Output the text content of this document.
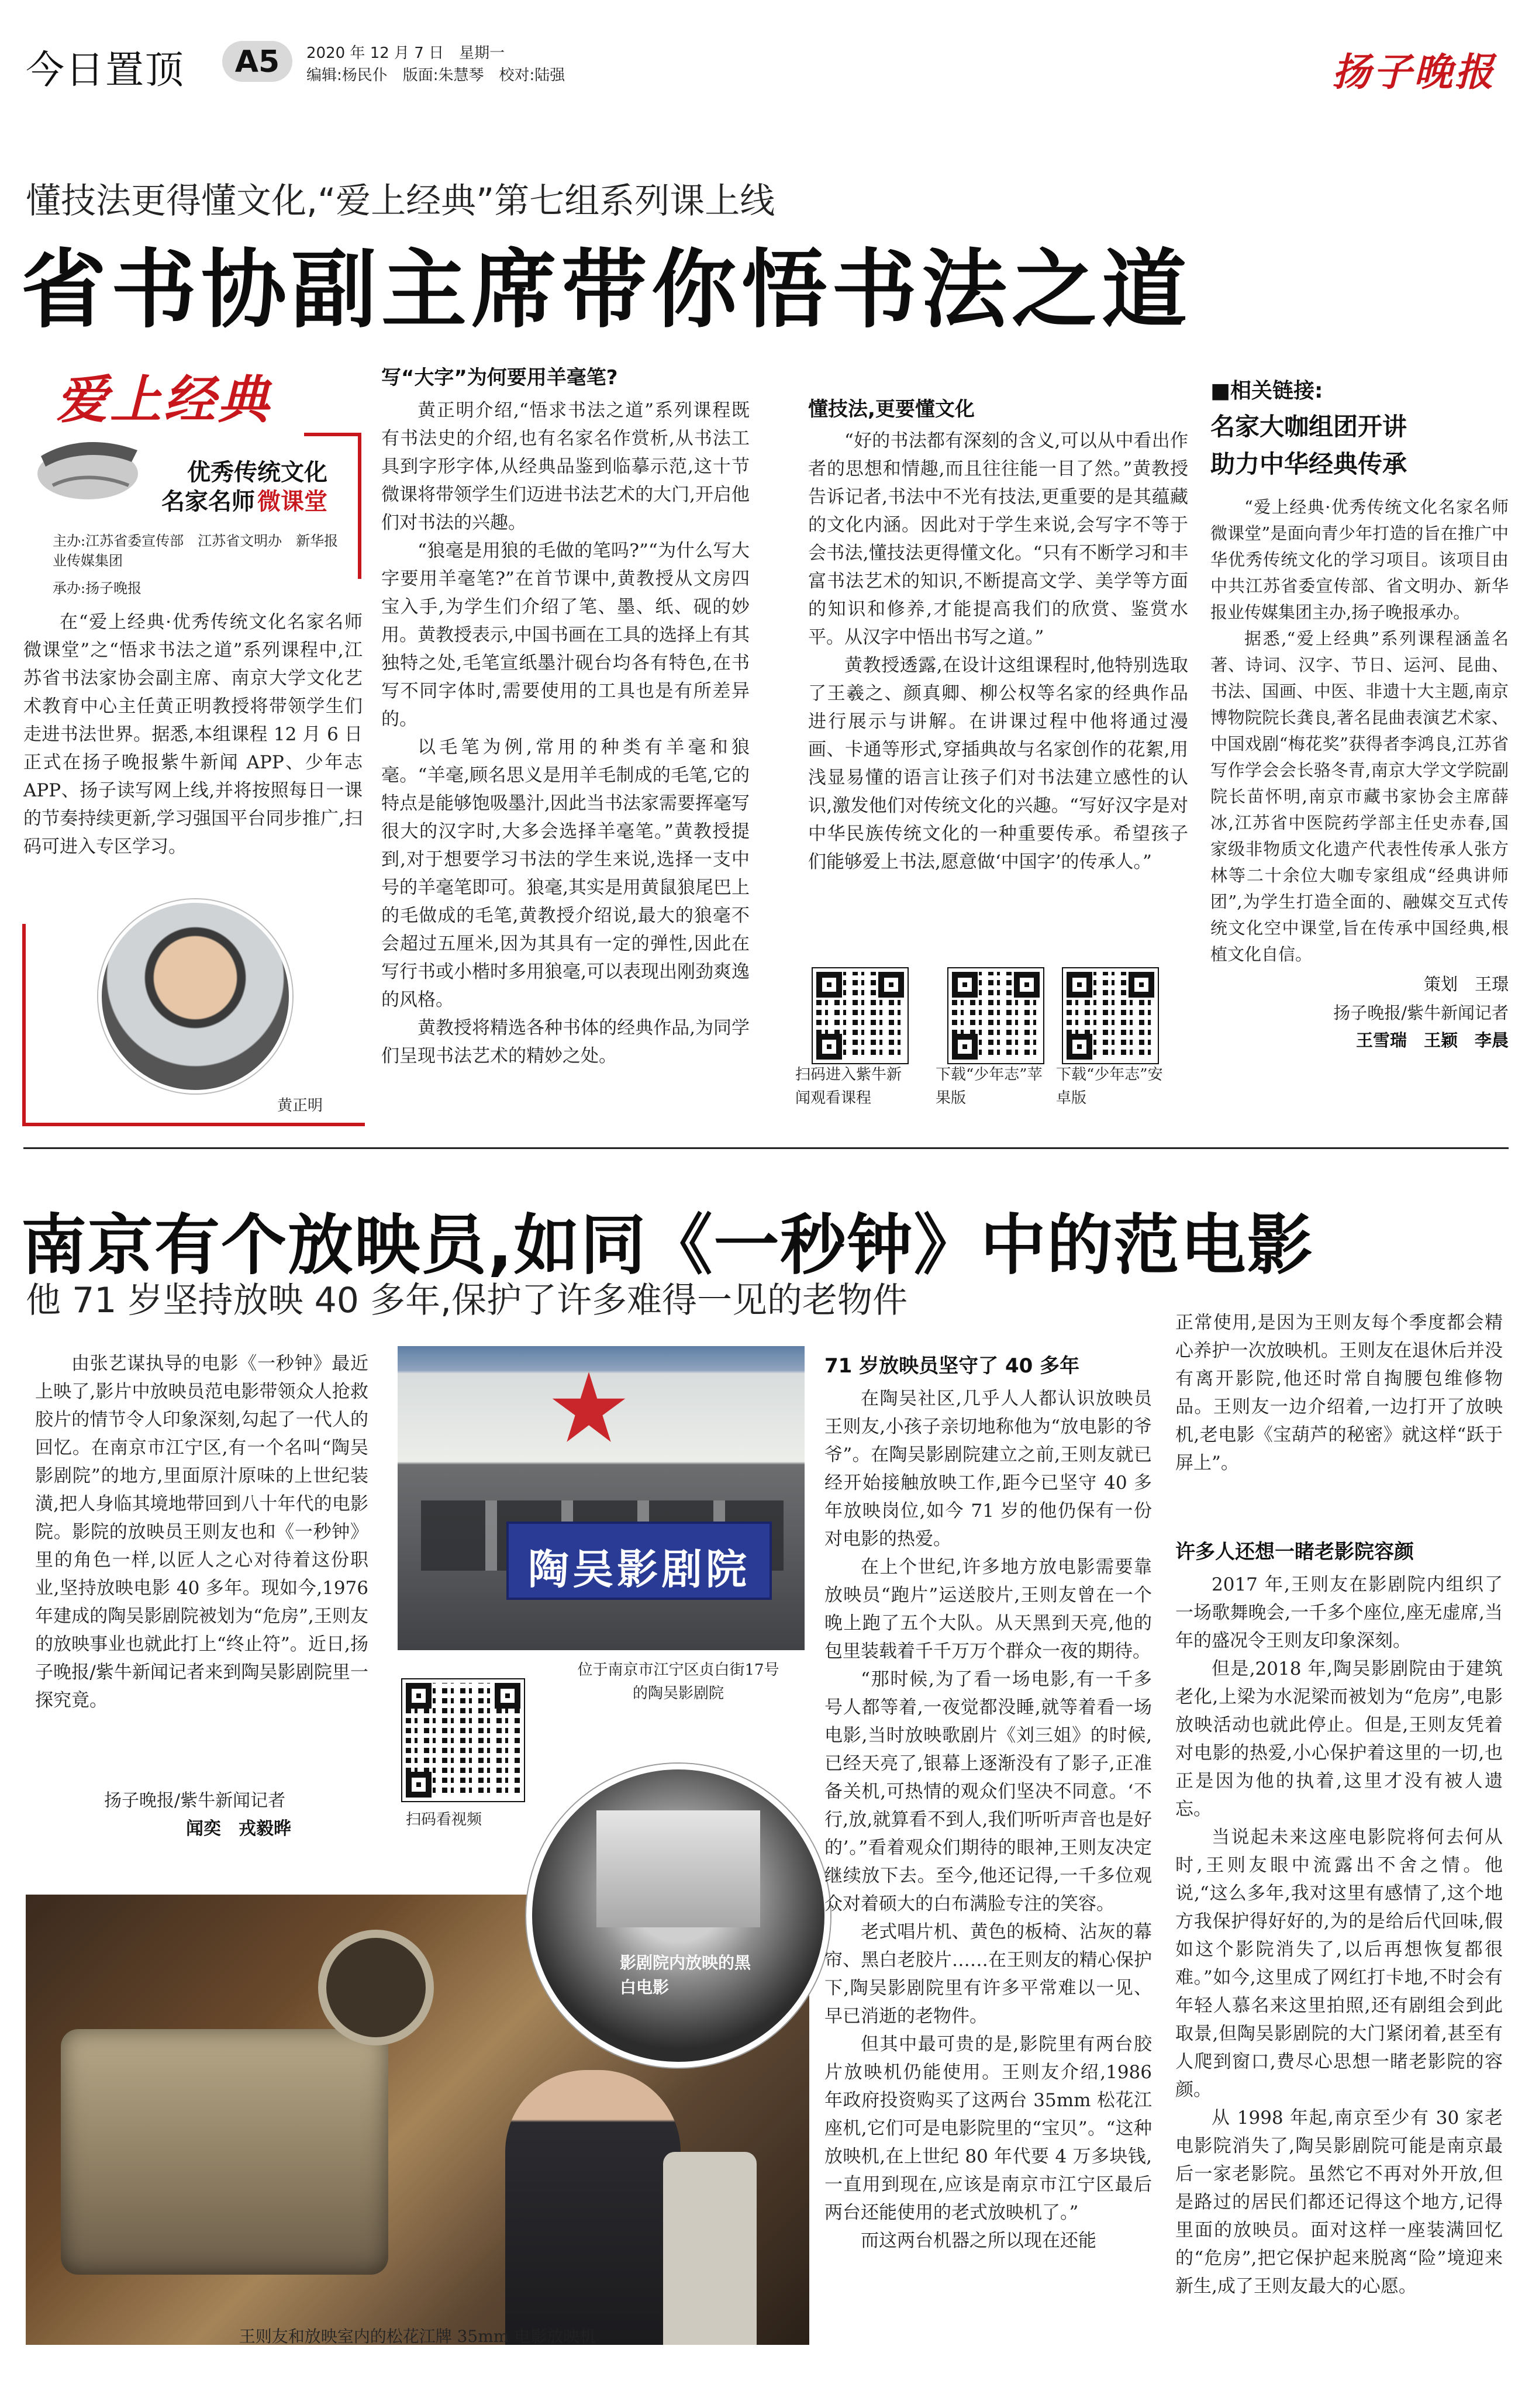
今日置顶	A5	2020 年 12 月 7 日　星期一
编辑:杨民仆　版面:朱慧琴　校对:陆强	扬子晚报
懂技法更得懂文化,“爱上经典”第七组系列课上线
省书协副主席带你悟书法之道
爱上经典
优秀传统文化
名家名师 微课堂
主办:江苏省委宣传部　江苏省文明办　新华报业传媒集团
承办:扬子晚报

在“爱上经典·优秀传统文化名家名师微课堂”之“悟求书法之道”系列课程中,江苏省书法家协会副主席、南京大学文化艺术教育中心主任黄正明教授将带领学生们走进书法世界。据悉,本组课程 12 月 6 日正式在扬子晚报紫牛新闻 APP、少年志 APP、扬子读写网上线,并将按照每日一课的节奏持续更新,学习强国平台同步推广,扫码可进入专区学习。

黄正明
写“大字”为何要用羊毫笔?

黄正明介绍,“悟求书法之道”系列课程既有书法史的介绍,也有名家名作赏析,从书法工具到字形字体,从经典品鉴到临摹示范,这十节微课将带领学生们迈进书法艺术的大门,开启他们对书法的兴趣。

“狼毫是用狼的毛做的笔吗?”“为什么写大字要用羊毫笔?”在首节课中,黄教授从文房四宝入手,为学生们介绍了笔、墨、纸、砚的妙用。黄教授表示,中国书画在工具的选择上有其独特之处,毛笔宣纸墨汁砚台均各有特色,在书写不同字体时,需要使用的工具也是有所差异的。

以毛笔为例,常用的种类有羊毫和狼毫。“羊毫,顾名思义是用羊毛制成的毛笔,它的特点是能够饱吸墨汁,因此当书法家需要挥毫写很大的汉字时,大多会选择羊毫笔。”黄教授提到,对于想要学习书法的学生来说,选择一支中号的羊毫笔即可。狼毫,其实是用黄鼠狼尾巴上的毛做成的毛笔,黄教授介绍说,最大的狼毫不会超过五厘米,因为其具有一定的弹性,因此在写行书或小楷时多用狼毫,可以表现出刚劲爽逸的风格。

黄教授将精选各种书体的经典作品,为同学们呈现书法艺术的精妙之处。

懂技法,更要懂文化

“好的书法都有深刻的含义,可以从中看出作者的思想和情趣,而且往往能一目了然。”黄教授告诉记者,书法中不光有技法,更重要的是其蕴藏的文化内涵。因此对于学生来说,会写字不等于会书法,懂技法更得懂文化。“只有不断学习和丰富书法艺术的知识,不断提高文学、美学等方面的知识和修养,才能提高我们的欣赏、鉴赏水平。从汉字中悟出书写之道。”

黄教授透露,在设计这组课程时,他特别选取了王羲之、颜真卿、柳公权等名家的经典作品进行展示与讲解。在讲课过程中他将通过漫画、卡通等形式,穿插典故与名家创作的花絮,用浅显易懂的语言让孩子们对书法建立感性的认识,激发他们对传统文化的兴趣。“写好汉字是对中华民族传统文化的一种重要传承。希望孩子们能够爱上书法,愿意做‘中国字’的传承人。”

扫码进入紫牛新闻观看课程
下载“少年志”苹果版
下载“少年志”安卓版
■相关链接:
名家大咖组团开讲
助力中华经典传承

“爱上经典·优秀传统文化名家名师微课堂”是面向青少年打造的旨在推广中华优秀传统文化的学习项目。该项目由中共江苏省委宣传部、省文明办、新华报业传媒集团主办,扬子晚报承办。

据悉,“爱上经典”系列课程涵盖名著、诗词、汉字、节日、运河、昆曲、书法、国画、中医、非遗十大主题,南京博物院院长龚良,著名昆曲表演艺术家、中国戏剧“梅花奖”获得者李鸿良,江苏省写作学会会长骆冬青,南京大学文学院副院长苗怀明,南京市藏书家协会主席薛冰,江苏省中医院药学部主任史赤春,国家级非物质文化遗产代表性传承人张方林等二十余位大咖专家组成“经典讲师团”,为学生打造全面的、融媒交互式传统文化空中课堂,旨在传承中国经典,根植文化自信。

策划　王璟
扬子晚报/紫牛新闻记者
王雪瑞　王颖　李晨
南京有个放映员,如同《一秒钟》中的范电影
他 71 岁坚持放映 40 多年,保护了许多难得一见的老物件

由张艺谋执导的电影《一秒钟》最近上映了,影片中放映员范电影带领众人抢救胶片的情节令人印象深刻,勾起了一代人的回忆。在南京市江宁区,有一个名叫“陶吴影剧院”的地方,里面原汁原味的上世纪装潢,把人身临其境地带回到八十年代的电影院。影院的放映员王则友也和《一秒钟》里的角色一样,以匠人之心对待着这份职业,坚持放映电影 40 多年。现如今,1976 年建成的陶吴影剧院被划为“危房”,王则友的放映事业也就此打上“终止符”。近日,扬子晚报/紫牛新闻记者来到陶吴影剧院里一探究竟。

扬子晚报/紫牛新闻记者
闻奕　戎毅晔
陶吴影剧院
位于南京市江宁区贞白街17号的陶吴影剧院
扫码看视频
王则友和放映室内的松花江牌 35mm 电影放映机
影剧院内放映的黑白电影
71 岁放映员坚守了 40 多年

在陶吴社区,几乎人人都认识放映员王则友,小孩子亲切地称他为“放电影的爷爷”。在陶吴影剧院建立之前,王则友就已经开始接触放映工作,距今已坚守 40 多年放映岗位,如今 71 岁的他仍保有一份对电影的热爱。

在上个世纪,许多地方放电影需要靠放映员“跑片”运送胶片,王则友曾在一个晚上跑了五个大队。从天黑到天亮,他的包里装载着千千万万个群众一夜的期待。

“那时候,为了看一场电影,有一千多号人都等着,一夜觉都没睡,就等着看一场电影,当时放映歌剧片《刘三姐》的时候,已经天亮了,银幕上逐渐没有了影子,正准备关机,可热情的观众们坚决不同意。‘不行,放,就算看不到人,我们听听声音也是好的’。”看着观众们期待的眼神,王则友决定继续放下去。至今,他还记得,一千多位观众对着硕大的白布满脸专注的笑容。

老式唱片机、黄色的板椅、沾灰的幕帘、黑白老胶片……在王则友的精心保护下,陶吴影剧院里有许多平常难以一见、早已消逝的老物件。

但其中最可贵的是,影院里有两台胶片放映机仍能使用。王则友介绍,1986 年政府投资购买了这两台 35mm 松花江座机,它们可是电影院里的“宝贝”。“这种放映机,在上世纪 80 年代要 4 万多块钱,一直用到现在,应该是南京市江宁区最后两台还能使用的老式放映机了。”

而这两台机器之所以现在还能

正常使用,是因为王则友每个季度都会精心养护一次放映机。王则友在退休后并没有离开影院,他还时常自掏腰包维修物品。王则友一边介绍着,一边打开了放映机,老电影《宝葫芦的秘密》就这样“跃于屏上”。

许多人还想一睹老影院容颜

2017 年,王则友在影剧院内组织了一场歌舞晚会,一千多个座位,座无虚席,当年的盛况令王则友印象深刻。

但是,2018 年,陶吴影剧院由于建筑老化,上梁为水泥梁而被划为“危房”,电影放映活动也就此停止。但是,王则友凭着对电影的热爱,小心保护着这里的一切,也正是因为他的执着,这里才没有被人遗忘。

当说起未来这座电影院将何去何从时,王则友眼中流露出不舍之情。他说,“这么多年,我对这里有感情了,这个地方我保护得好好的,为的是给后代回味,假如这个影院消失了,以后再想恢复都很难。”如今,这里成了网红打卡地,不时会有年轻人慕名来这里拍照,还有剧组会到此取景,但陶吴影剧院的大门紧闭着,甚至有人爬到窗口,费尽心思想一睹老影院的容颜。

从 1998 年起,南京至少有 30 家老电影院消失了,陶吴影剧院可能是南京最后一家老影院。虽然它不再对外开放,但是路过的居民们都还记得这个地方,记得里面的放映员。面对这样一座装满回忆的“危房”,把它保护起来脱离“险”境迎来新生,成了王则友最大的心愿。
